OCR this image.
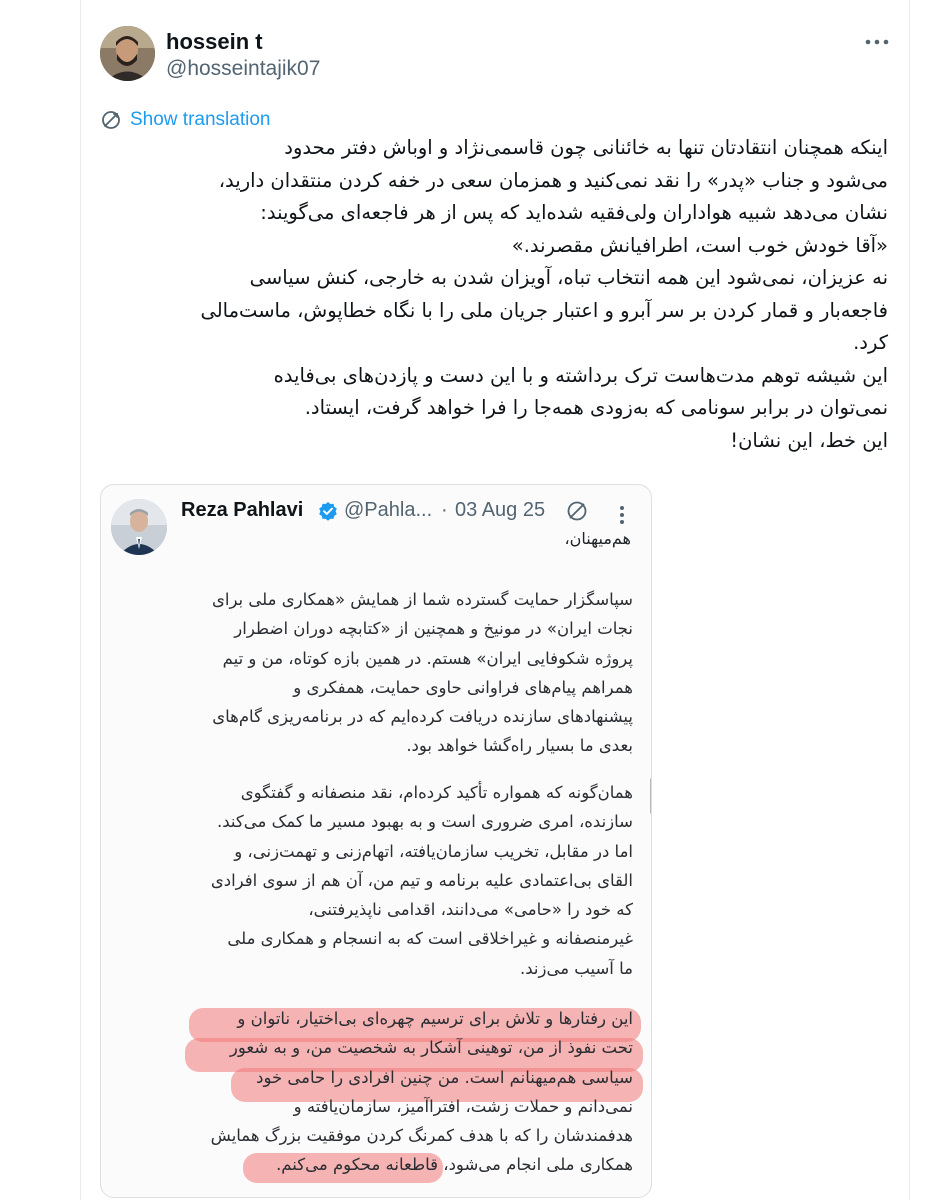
hossein t
@hosseintajik07
Show translation
اینکه همچنان انتقادتان تنها به خائنانی چون قاسمی‌نژاد و اوباش دفتر محدود
می‌شود و جناب «پدر» را نقد نمی‌کنید و همزمان سعی در خفه کردن منتقدان دارید،
نشان می‌دهد شبیه هواداران ولی‌فقیه شده‌اید که پس از هر فاجعه‌ای می‌گویند:
«آقا خودش خوب است، اطرافیانش مقصرند.»
نه عزیزان، نمی‌شود این همه انتخاب تباه، آویزان شدن به خارجی، کنش سیاسی
فاجعه‌بار و قمار کردن بر سر آبرو و اعتبار جریان ملی را با نگاه خطاپوش، ماست‌مالی
کرد.
این شیشه توهم مدت‌هاست ترک برداشته و با این دست و پازدن‌های بی‌فایده
نمی‌توان در برابر سونامی که به‌زودی همه‌جا را فرا خواهد گرفت، ایستاد.
این خط، این نشان!
Reza Pahlavi @Pahla... · 03 Aug 25
هم‌میهنان،
سپاسگزار حمایت گسترده شما از همایش «همکاری ملی برای
نجات ایران» در مونیخ و همچنین از «کتابچه دوران اضطرار
پروژه شکوفایی ایران» هستم. در همین بازه کوتاه، من و تیم
همراهم پیام‌های فراوانی حاوی حمایت، همفکری و
پیشنهادهای سازنده دریافت کرده‌ایم که در برنامه‌ریزی گام‌های
بعدی ما بسیار راه‌گشا خواهد بود.
همان‌گونه که همواره تأکید کرده‌ام، نقد منصفانه و گفتگوی
سازنده، امری ضروری است و به بهبود مسیر ما کمک می‌کند.
اما در مقابل، تخریب سازمان‌یافته، اتهام‌زنی و تهمت‌زنی، و
القای بی‌اعتمادی علیه برنامه و تیم من، آن هم از سوی افرادی
که خود را «حامی» می‌دانند، اقدامی ناپذیرفتنی،
غیرمنصفانه و غیراخلاقی است که به انسجام و همکاری ملی
ما آسیب می‌زند.
این رفتارها و تلاش برای ترسیم چهره‌ای بی‌اختیار، ناتوان و
تحت نفوذ از من، توهینی آشکار به شخصیت من، و به شعور
سیاسی هم‌میهنانم است. من چنین افرادی را حامی خود
نمی‌دانم و حملات زشت، افتراآمیز، سازمان‌یافته و
هدفمندشان را که با هدف کمرنگ کردن موفقیت بزرگ همایش
همکاری ملی انجام می‌شود، قاطعانه محکوم می‌کنم.
